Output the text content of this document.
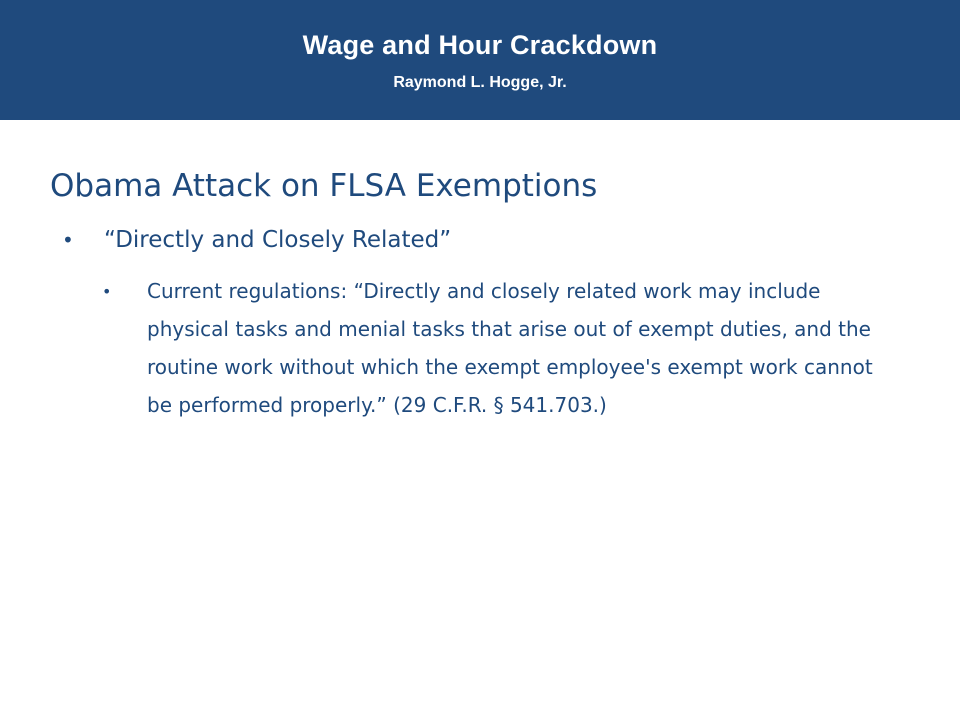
Wage and Hour Crackdown
Raymond L. Hogge, Jr.
Obama Attack on FLSA Exemptions
• “Directly and Closely Related”
• Current regulations: “Directly and closely related work may include physical tasks and menial tasks that arise out of exempt duties, and the routine work without which the exempt employee's exempt work cannot be performed properly.” (29 C.F.R. § 541.703.)
